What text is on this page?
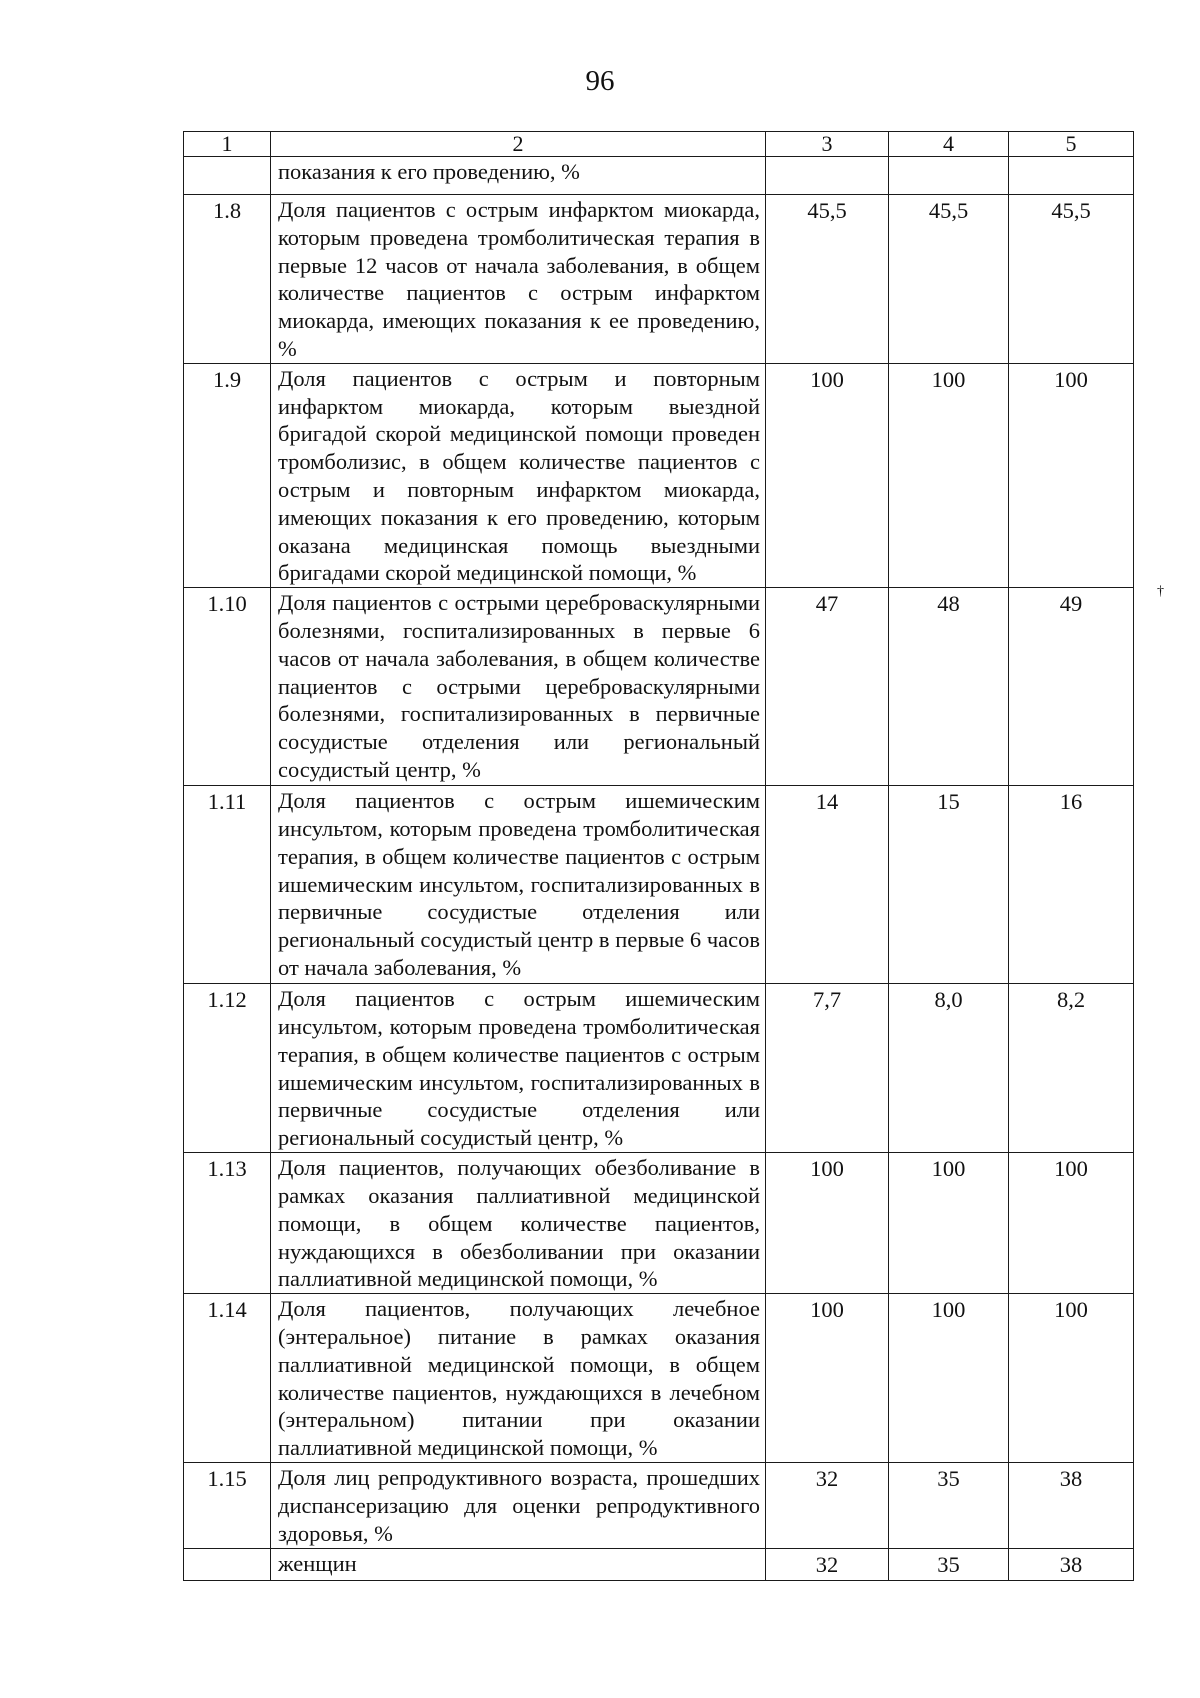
96
1	2	3	4	5
	показания к его проведению, %			
1.8	Доля пациентов с острым инфарктом миокарда, которым проведена тромболитическая терапия в первые 12 часов от начала заболевания, в общем количестве пациентов с острым инфарктом миокарда, имеющих показания к ее проведению, %	45,5	45,5	45,5
1.9	Доля пациентов с острым и повторным инфарктом миокарда, которым выездной бригадой скорой медицинской помощи проведен тромболизис, в общем количестве пациентов с острым и повторным инфарктом миокарда, имеющих показания к его проведению, которым оказана медицинская помощь выездными бригадами скорой медицинской помощи, %	100	100	100
1.10	Доля пациентов с острыми цереброваскулярными болезнями, госпитализированных в первые 6 часов от начала заболевания, в общем количестве пациентов с острыми цереброваскулярными болезнями, госпитализированных в первичные сосудистые отделения или региональный сосудистый центр, %	47	48	49
1.11	Доля пациентов с острым ишемическим инсультом, которым проведена тромболитическая терапия, в общем количестве пациентов с острым ишемическим инсультом, госпитализированных в первичные сосудистые отделения или региональный сосудистый центр в первые 6 часов от начала заболевания, %	14	15	16
1.12	Доля пациентов с острым ишемическим инсультом, которым проведена тромболитическая терапия, в общем количестве пациентов с острым ишемическим инсультом, госпитализированных в первичные сосудистые отделения или региональный сосудистый центр, %	7,7	8,0	8,2
1.13	Доля пациентов, получающих обезболивание в рамках оказания паллиативной медицинской помощи, в общем количестве пациентов, нуждающихся в обезболивании при оказании паллиативной медицинской помощи, %	100	100	100
1.14	Доля пациентов, получающих лечебное (энтеральное) питание в рамках оказания паллиативной медицинской помощи, в общем количестве пациентов, нуждающихся в лечебном (энтеральном) питании при оказании паллиативной медицинской помощи, %	100	100	100
1.15	Доля лиц репродуктивного возраста, прошедших диспансеризацию для оценки репродуктивного здоровья, %	32	35	38
	женщин	32	35	38
†
